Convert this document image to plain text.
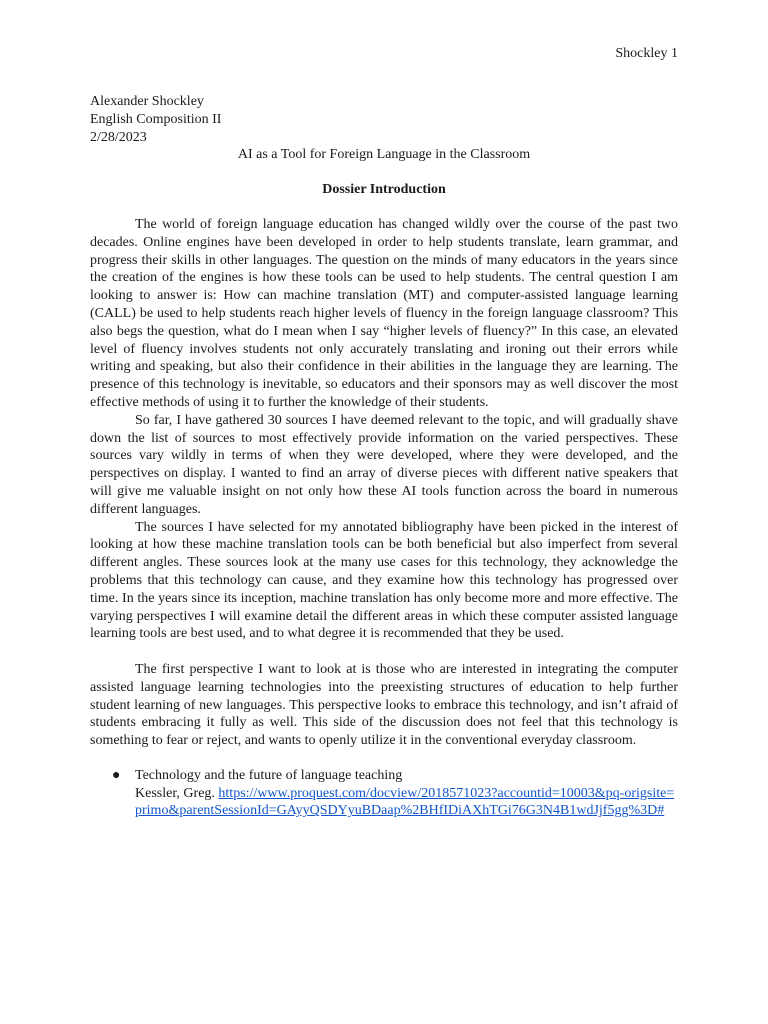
Shockley 1

Alexander Shockley

English Composition II

2/28/2023

AI as a Tool for Foreign Language in the Classroom

Dossier Introduction

The world of foreign language education has changed wildly over the course of the past two decades. Online engines have been developed in order to help students translate, learn grammar, and progress their skills in other languages. The question on the minds of many educators in the years since the creation of the engines is how these tools can be used to help students. The central question I am looking to answer is: How can machine translation (MT) and computer-assisted language learning (CALL) be used to help students reach higher levels of fluency in the foreign language classroom? This also begs the question, what do I mean when I say “higher levels of fluency?” In this case, an elevated level of fluency involves students not only accurately translating and ironing out their errors while writing and speaking, but also their confidence in their abilities in the language they are learning. The presence of this technology is inevitable, so educators and their sponsors may as well discover the most effective methods of using it to further the knowledge of their students.

So far, I have gathered 30 sources I have deemed relevant to the topic, and will gradually shave down the list of sources to most effectively provide information on the varied perspectives. These sources vary wildly in terms of when they were developed, where they were developed, and the perspectives on display. I wanted to find an array of diverse pieces with different native speakers that will give me valuable insight on not only how these AI tools function across the board in numerous different languages.

The sources I have selected for my annotated bibliography have been picked in the interest of looking at how these machine translation tools can be both beneficial but also imperfect from several different angles. These sources look at the many use cases for this technology, they acknowledge the problems that this technology can cause, and they examine how this technology has progressed over time. In the years since its inception, machine translation has only become more and more effective. The varying perspectives I will examine detail the different areas in which these computer assisted language learning tools are best used, and to what degree it is recommended that they be used.

The first perspective I want to look at is those who are interested in integrating the computer assisted language learning technologies into the preexisting structures of education to help further student learning of new languages. This perspective looks to embrace this technology, and isn’t afraid of students embracing it fully as well. This side of the discussion does not feel that this technology is something to fear or reject, and wants to openly utilize it in the conventional everyday classroom.

● Technology and the future of language teaching
Kessler, Greg. https://www.proquest.com/docview/2018571023?accountid=10003&pq-origsite=primo&parentSessionId=GAyyQSDYyuBDaap%2BHfIDiAXhTGi76G3N4B1wdJjf5gg%3D#
